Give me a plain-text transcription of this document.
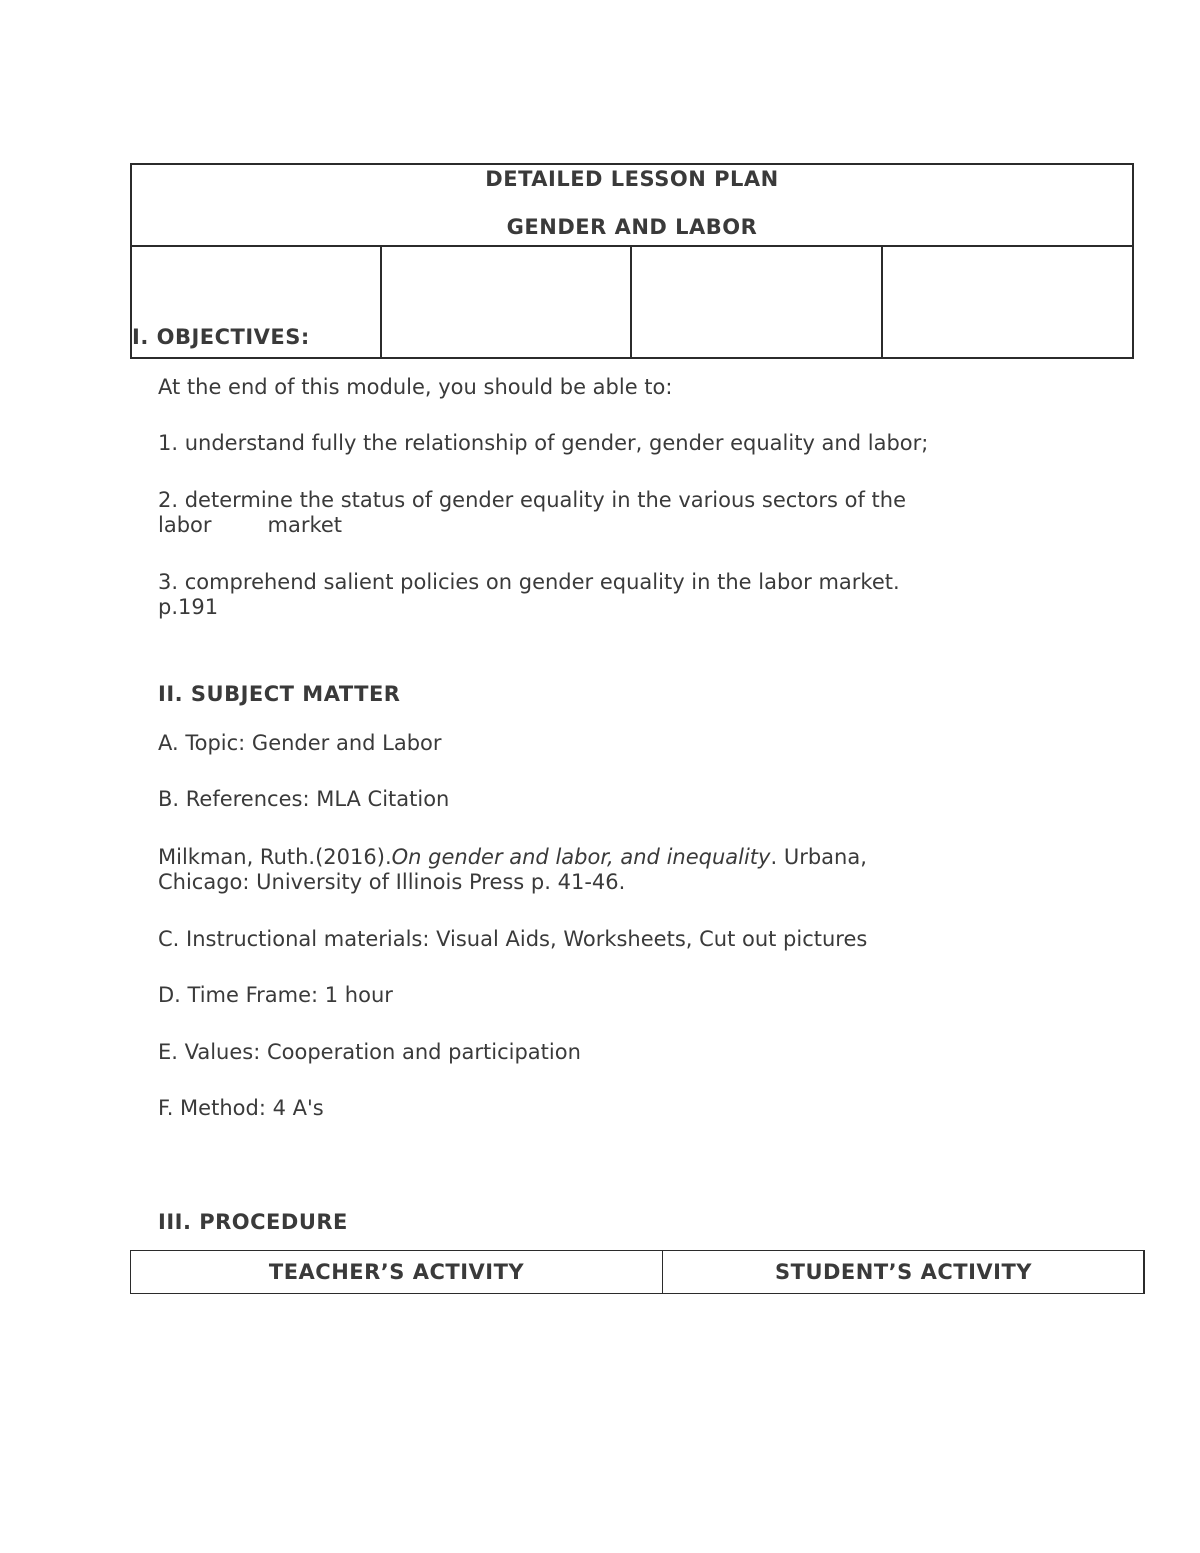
DETAILED LESSON PLAN
GENDER AND LABOR
I. OBJECTIVES:
At the end of this module, you should be able to:
1. understand fully the relationship of gender, gender equality and labor;
2. determine the status of gender equality in the various sectors of the
labor	market
3. comprehend salient policies on gender equality in the labor market.
p.191
II. SUBJECT MATTER
A. Topic: Gender and Labor
B. References: MLA Citation
Milkman, Ruth.(2016).On gender and labor, and inequality. Urbana,
Chicago: University of Illinois Press p. 41-46.
C. Instructional materials: Visual Aids, Worksheets, Cut out pictures
D. Time Frame: 1 hour
E. Values: Cooperation and participation
F. Method: 4 A's
III. PROCEDURE
TEACHER’S ACTIVITY	STUDENT’S ACTIVITY
